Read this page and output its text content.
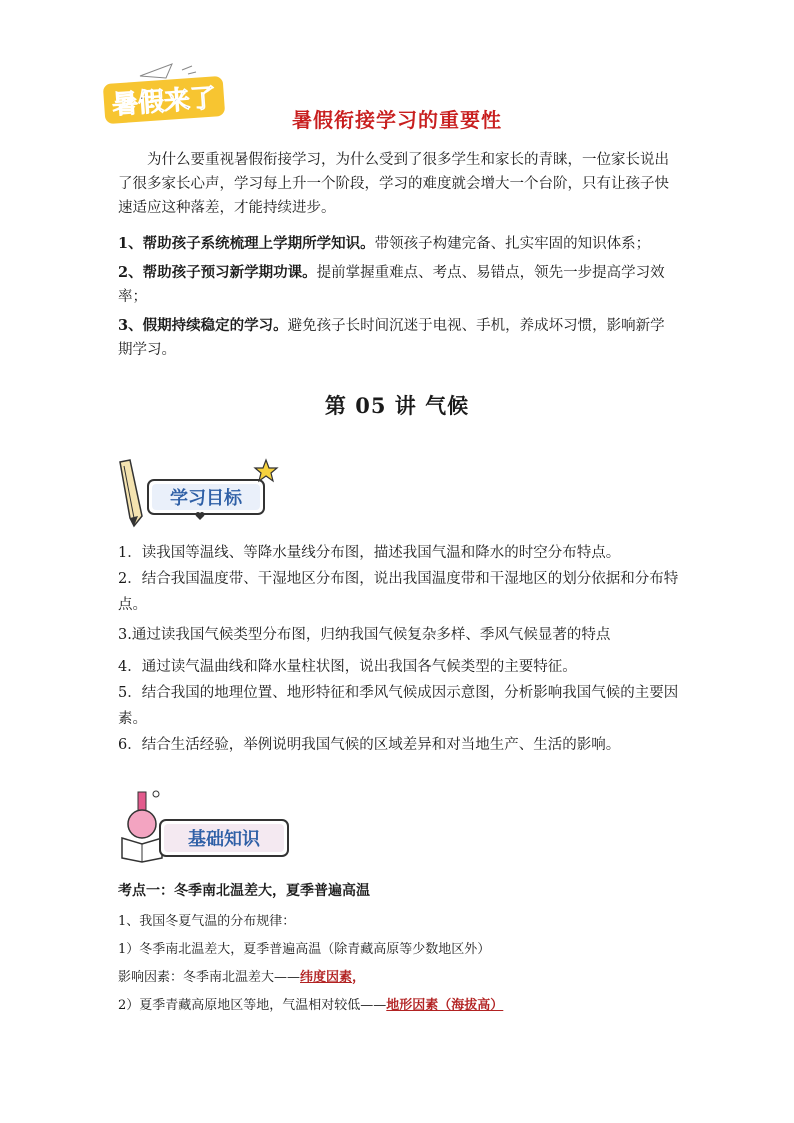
暑假来了	暑假衔接学习的重要性
为什么要重视暑假衔接学习，为什么受到了很多学生和家长的青睐，一位家长说出了很多家长心声，学习每上升一个阶段，学习的难度就会增大一个台阶，只有让孩子快速适应这种落差，才能持续进步。
1、帮助孩子系统梳理上学期所学知识。带领孩子构建完备、扎实牢固的知识体系；
2、帮助孩子预习新学期功课。提前掌握重难点、考点、易错点，领先一步提高学习效率；
3、假期持续稳定的学习。避免孩子长时间沉迷于电视、手机，养成坏习惯，影响新学期学习。
第 05 讲 气候
学习目标

1．读我国等温线、等降水量线分布图，描述我国气温和降水的时空分布特点。

2．结合我国温度带、干湿地区分布图，说出我国温度带和干湿地区的划分依据和分布特点。

3.通过读我国气候类型分布图，归纳我国气候复杂多样、季风气候显著的特点

4．通过读气温曲线和降水量柱状图，说出我国各气候类型的主要特征。

5．结合我国的地理位置、地形特征和季风气候成因示意图，分析影响我国气候的主要因素。

6．结合生活经验，举例说明我国气候的区域差异和对当地生产、生活的影响。

基础知识
考点一：冬季南北温差大，夏季普遍高温
1、我国冬夏气温的分布规律：
1）冬季南北温差大，夏季普遍高温（除青藏高原等少数地区外）
影响因素：冬季南北温差大——纬度因素，
2）夏季青藏高原地区等地，气温相对较低——地形因素（海拔高）
